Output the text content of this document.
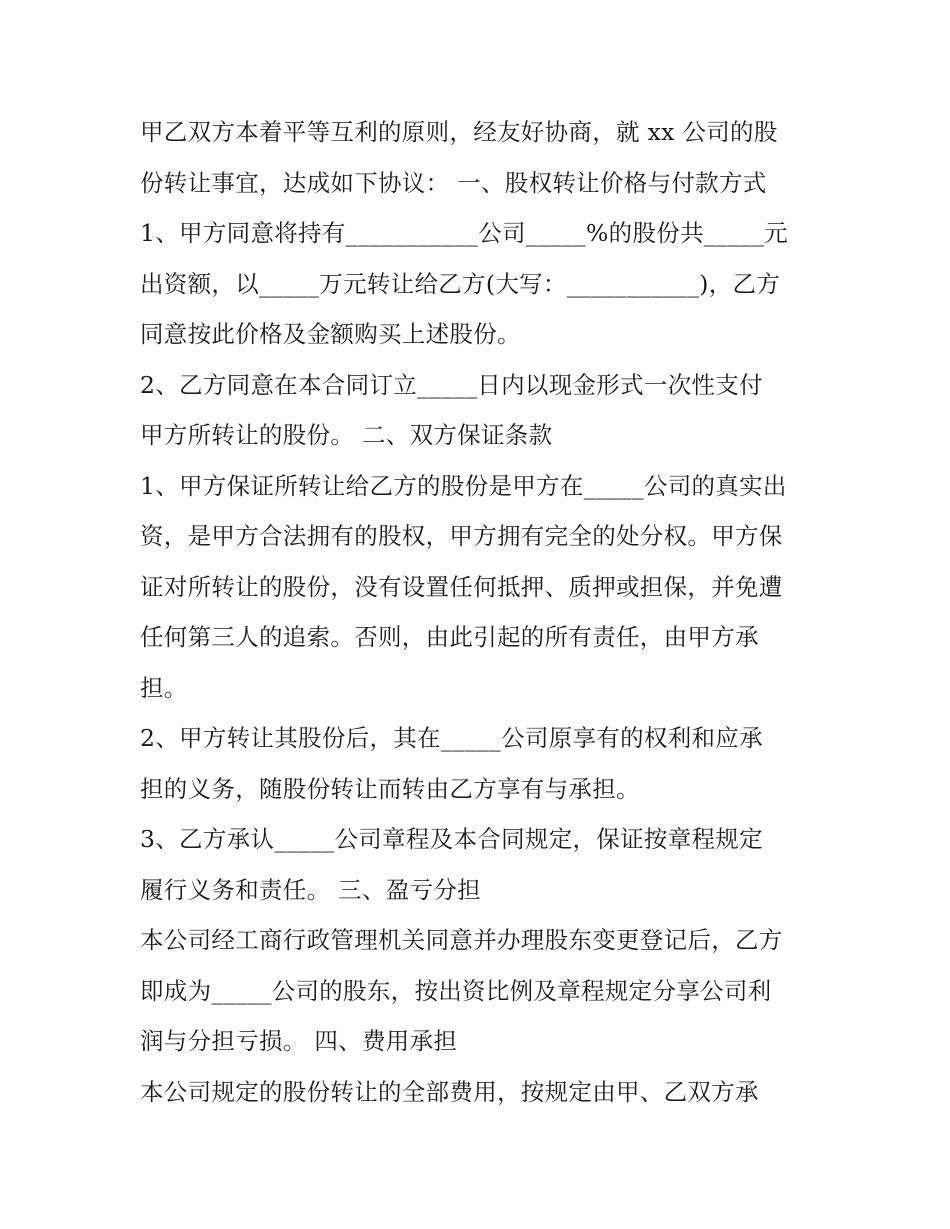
甲乙双方本着平等互利的原则，经友好协商，就 xx 公司的股
份转让事宜，达成如下协议： 一、股权转让价格与付款方式
1、甲方同意将持有___________公司_____%的股份共_____元
出资额，以_____万元转让给乙方(大写：___________)，乙方
同意按此价格及金额购买上述股份。
2、乙方同意在本合同订立_____日内以现金形式一次性支付
甲方所转让的股份。 二、双方保证条款
1、甲方保证所转让给乙方的股份是甲方在_____公司的真实出
资，是甲方合法拥有的股权，甲方拥有完全的处分权。甲方保
证对所转让的股份，没有设置任何抵押、质押或担保，并免遭
任何第三人的追索。否则，由此引起的所有责任，由甲方承
担。
2、甲方转让其股份后，其在_____公司原享有的权利和应承
担的义务，随股份转让而转由乙方享有与承担。
3、乙方承认_____公司章程及本合同规定，保证按章程规定
履行义务和责任。 三、盈亏分担
本公司经工商行政管理机关同意并办理股东变更登记后，乙方
即成为_____公司的股东，按出资比例及章程规定分享公司利
润与分担亏损。 四、费用承担
本公司规定的股份转让的全部费用，按规定由甲、乙双方承
